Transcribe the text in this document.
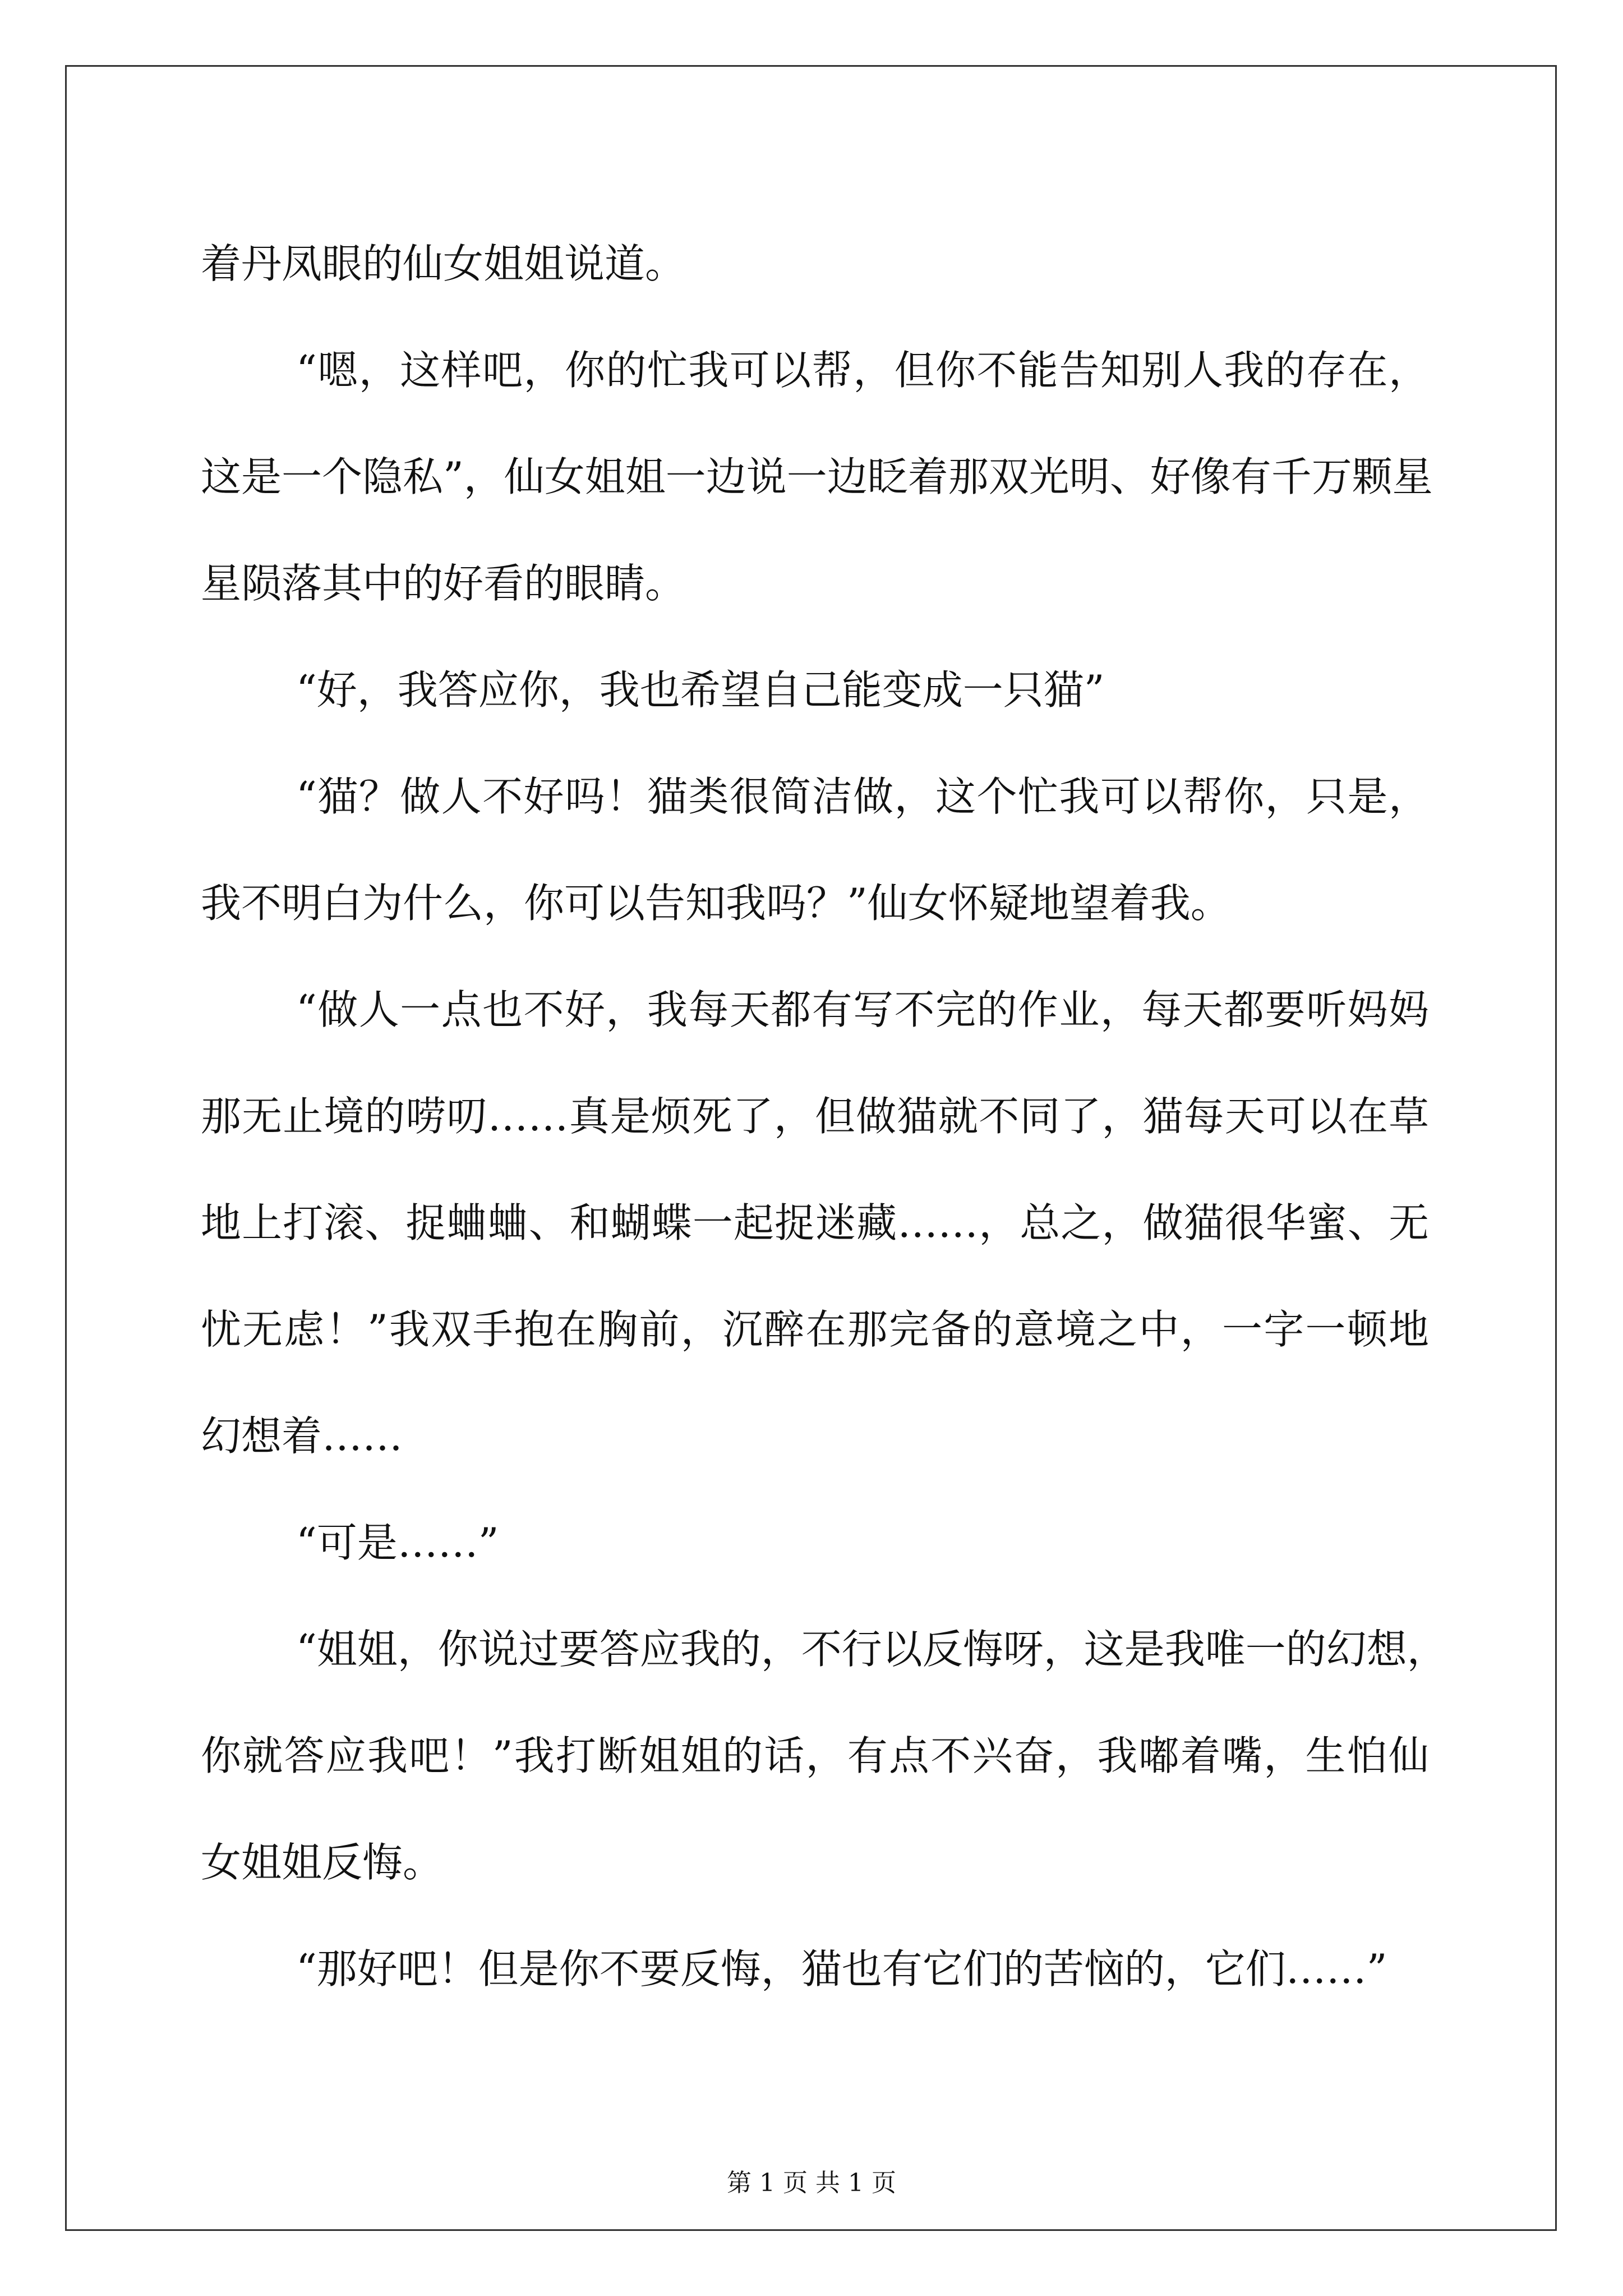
着丹凤眼的仙女姐姐说道。
“嗯，这样吧，你的忙我可以帮，但你不能告知别人我的存在，
这是一个隐私”，仙女姐姐一边说一边眨着那双光明、好像有千万颗星
星陨落其中的好看的眼睛。
“好，我答应你，我也希望自己能变成一只猫”
“猫？做人不好吗！猫类很简洁做，这个忙我可以帮你，只是，
我不明白为什么，你可以告知我吗？”仙女怀疑地望着我。
“做人一点也不好，我每天都有写不完的作业，每天都要听妈妈
那无止境的唠叨……真是烦死了，但做猫就不同了，猫每天可以在草
地上打滚、捉蛐蛐、和蝴蝶一起捉迷藏……，总之，做猫很华蜜、无
忧无虑！”我双手抱在胸前，沉醉在那完备的意境之中，一字一顿地
幻想着……
“可是……”
“姐姐，你说过要答应我的，不行以反悔呀，这是我唯一的幻想，
你就答应我吧！”我打断姐姐的话，有点不兴奋，我嘟着嘴，生怕仙
女姐姐反悔。
“那好吧！但是你不要反悔，猫也有它们的苦恼的，它们……”
第 1 页 共 1 页
